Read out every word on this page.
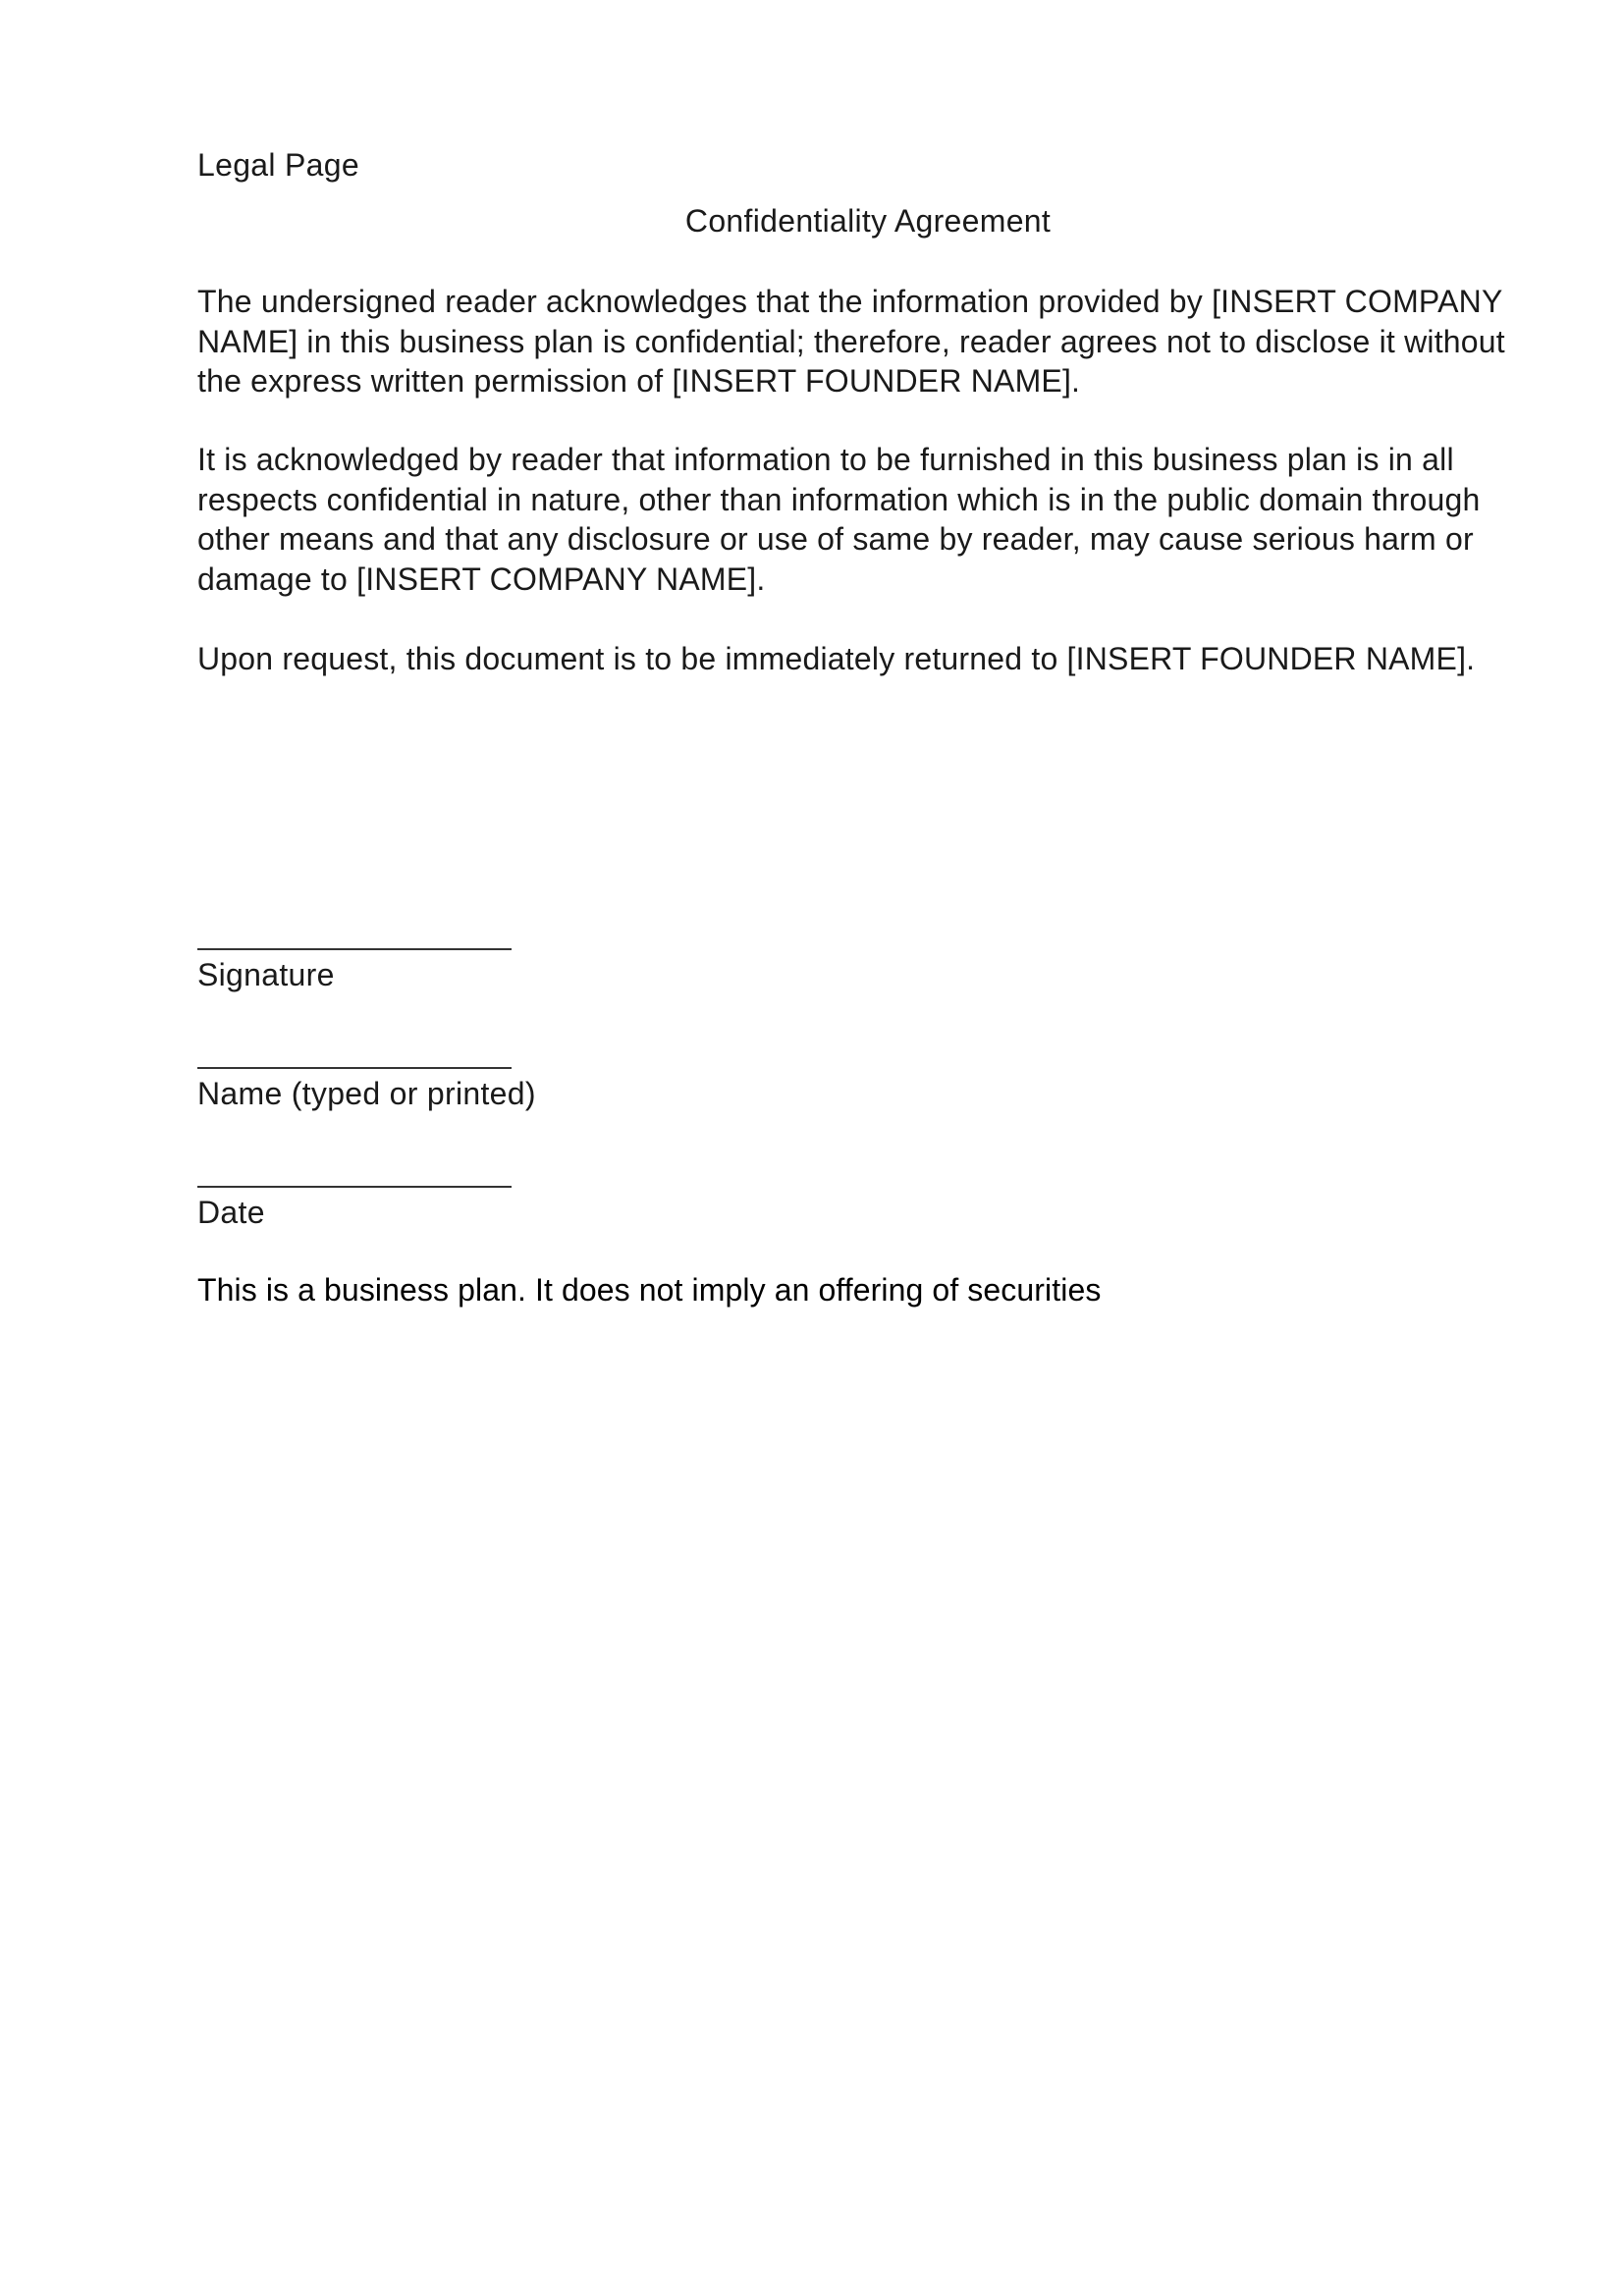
Legal Page
Confidentiality Agreement

The undersigned reader acknowledges that the information provided by [INSERT COMPANY NAME] in this business plan is confidential; therefore, reader agrees not to disclose it without the express written permission of [INSERT FOUNDER NAME].

It is acknowledged by reader that information to be furnished in this business plan is in all respects confidential in nature, other than information which is in the public domain through other means and that any disclosure or use of same by reader, may cause serious harm or damage to [INSERT COMPANY NAME].

Upon request, this document is to be immediately returned to [INSERT FOUNDER NAME].

Signature
Name (typed or printed)
Date
This is a business plan. It does not imply an offering of securities
